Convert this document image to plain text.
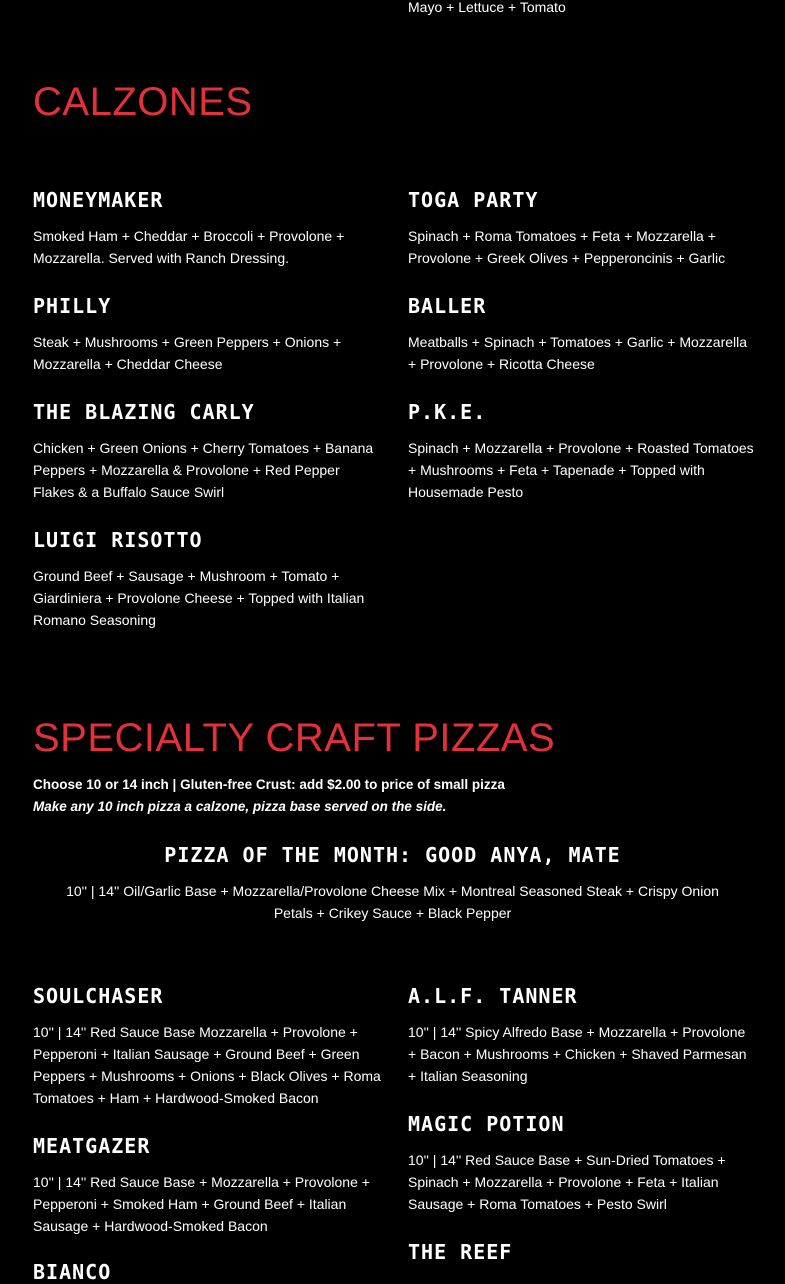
Mayo + Lettuce + Tomato
CALZONES
MONEYMAKER
Smoked Ham + Cheddar + Broccoli + Provolone + Mozzarella. Served with Ranch Dressing.
TOGA PARTY
Spinach + Roma Tomatoes + Feta + Mozzarella + Provolone + Greek Olives + Pepperoncinis + Garlic
PHILLY
Steak + Mushrooms + Green Peppers + Onions + Mozzarella + Cheddar Cheese
BALLER
Meatballs + Spinach + Tomatoes + Garlic + Mozzarella + Provolone + Ricotta Cheese
THE BLAZING CARLY
Chicken + Green Onions + Cherry Tomatoes + Banana Peppers + Mozzarella & Provolone + Red Pepper Flakes & a Buffalo Sauce Swirl
P.K.E.
Spinach + Mozzarella + Provolone + Roasted Tomatoes + Mushrooms + Feta + Tapenade + Topped with Housemade Pesto
LUIGI RISOTTO
Ground Beef + Sausage + Mushroom + Tomato + Giardiniera + Provolone Cheese + Topped with Italian Romano Seasoning
SPECIALTY CRAFT PIZZAS
Choose 10 or 14 inch | Gluten-free Crust: add $2.00 to price of small pizza
Make any 10 inch pizza a calzone, pizza base served on the side.
PIZZA OF THE MONTH: GOOD ANYA, MATE
10'' | 14'' Oil/Garlic Base + Mozzarella/Provolone Cheese Mix + Montreal Seasoned Steak + Crispy Onion Petals + Crikey Sauce + Black Pepper
SOULCHASER
10'' | 14'' Red Sauce Base Mozzarella + Provolone + Pepperoni + Italian Sausage + Ground Beef + Green Peppers + Mushrooms + Onions + Black Olives + Roma Tomatoes + Ham + Hardwood-Smoked Bacon
A.L.F. TANNER
10'' | 14'' Spicy Alfredo Base + Mozzarella + Provolone + Bacon + Mushrooms + Chicken + Shaved Parmesan + Italian Seasoning
MAGIC POTION
10'' | 14'' Red Sauce Base + Sun-Dried Tomatoes + Spinach + Mozzarella + Provolone + Feta + Italian Sausage + Roma Tomatoes + Pesto Swirl
MEATGAZER
10'' | 14'' Red Sauce Base + Mozzarella + Provolone + Pepperoni + Smoked Ham + Ground Beef + Italian Sausage + Hardwood-Smoked Bacon
THE REEF
BIANCO
